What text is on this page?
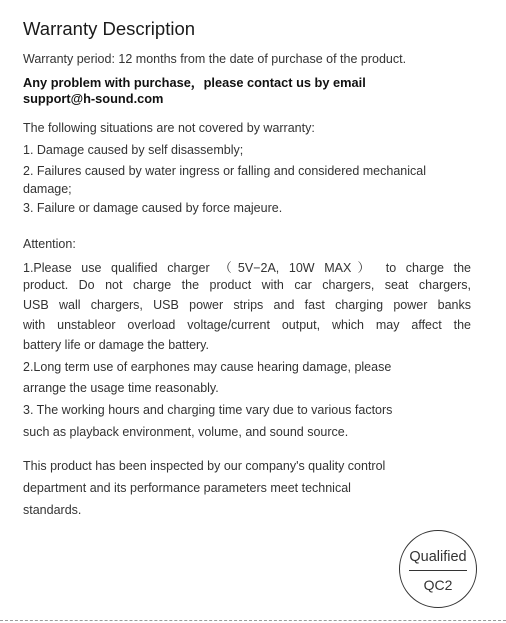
Warranty Description
Warranty period: 12 months from the date of purchase of the product.
Any problem with purchase，please contact us by email
support@h-sound.com
The following situations are not covered by warranty:
1. Damage caused by self disassembly;
2. Failures caused by water ingress or falling and considered mechanical
damage;
3. Failure or damage caused by force majeure.
Attention:
1.Please use qualified charger （5V−2A, 10W MAX） to charge the
product. Do not charge the product with car chargers, seat chargers,
USB wall chargers, USB power strips and fast charging power banks
with unstableor overload voltage/current output, which may affect the
battery life or damage the battery.
2.Long term use of earphones may cause hearing damage, please
arrange the usage time reasonably.
3. The working hours and charging time vary due to various factors
such as playback environment, volume, and sound source.
This product has been inspected by our company's quality control
department and its performance parameters meet technical
standards.
Qualified
QC2
